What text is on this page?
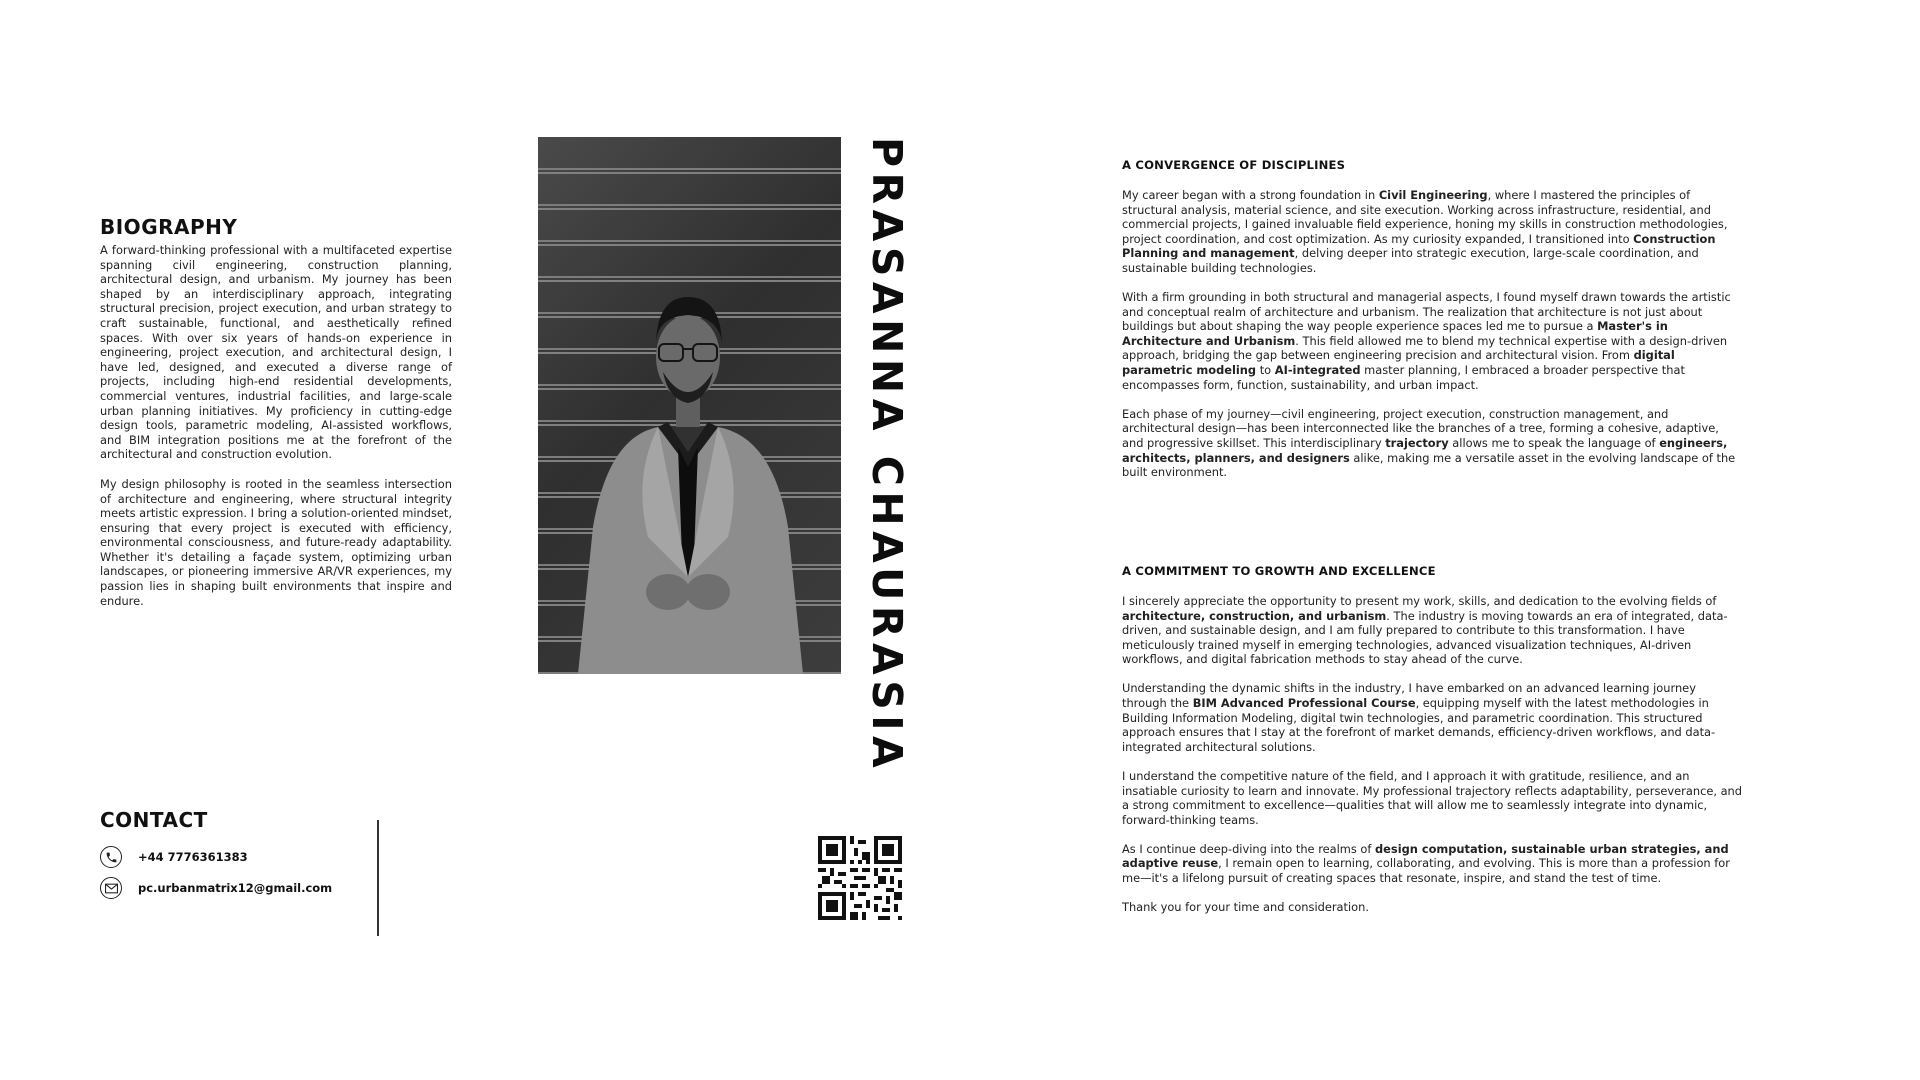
BIOGRAPHY

A forward-thinking professional with a multifaceted expertise spanning civil engineering, construction planning, architectural design, and urbanism. My journey has been shaped by an interdisciplinary approach, integrating structural precision, project execution, and urban strategy to craft sustainable, functional, and aesthetically refined spaces. With over six years of hands-on experience in engineering, project execution, and architectural design, I have led, designed, and executed a diverse range of projects, including high-end residential developments, commercial ventures, industrial facilities, and large-scale urban planning initiatives. My proficiency in cutting-edge design tools, parametric modeling, AI-assisted workflows, and BIM integration positions me at the forefront of the architectural and construction evolution.

My design philosophy is rooted in the seamless intersection of architecture and engineering, where structural integrity meets artistic expression. I bring a solution-oriented mindset, ensuring that every project is executed with efficiency, environmental consciousness, and future-ready adaptability. Whether it's detailing a façade system, optimizing urban landscapes, or pioneering immersive AR/VR experiences, my passion lies in shaping built environments that inspire and endure.	PRASANNA CHAURASIA
CONTACT
+44 7776361383
pc.urbanmatrix12@gmail.com
A CONVERGENCE OF DISCIPLINES

My career began with a strong foundation in Civil Engineering, where I mastered the principles of structural analysis, material science, and site execution. Working across infrastructure, residential, and commercial projects, I gained invaluable field experience, honing my skills in construction methodologies, project coordination, and cost optimization. As my curiosity expanded, I transitioned into Construction Planning and management, delving deeper into strategic execution, large-scale coordination, and sustainable building technologies.

With a firm grounding in both structural and managerial aspects, I found myself drawn towards the artistic and conceptual realm of architecture and urbanism. The realization that architecture is not just about buildings but about shaping the way people experience spaces led me to pursue a Master's in Architecture and Urbanism. This field allowed me to blend my technical expertise with a design-driven approach, bridging the gap between engineering precision and architectural vision. From digital parametric modeling to AI-integrated master planning, I embraced a broader perspective that encompasses form, function, sustainability, and urban impact.

Each phase of my journey—civil engineering, project execution, construction management, and architectural design—has been interconnected like the branches of a tree, forming a cohesive, adaptive, and progressive skillset. This interdisciplinary trajectory allows me to speak the language of engineers, architects, planners, and designers alike, making me a versatile asset in the evolving landscape of the built environment.

A COMMITMENT TO GROWTH AND EXCELLENCE

I sincerely appreciate the opportunity to present my work, skills, and dedication to the evolving fields of architecture, construction, and urbanism. The industry is moving towards an era of integrated, data-driven, and sustainable design, and I am fully prepared to contribute to this transformation. I have meticulously trained myself in emerging technologies, advanced visualization techniques, AI-driven workflows, and digital fabrication methods to stay ahead of the curve.

Understanding the dynamic shifts in the industry, I have embarked on an advanced learning journey through the BIM Advanced Professional Course, equipping myself with the latest methodologies in Building Information Modeling, digital twin technologies, and parametric coordination. This structured approach ensures that I stay at the forefront of market demands, efficiency-driven workflows, and data-integrated architectural solutions.

I understand the competitive nature of the field, and I approach it with gratitude, resilience, and an insatiable curiosity to learn and innovate. My professional trajectory reflects adaptability, perseverance, and a strong commitment to excellence—qualities that will allow me to seamlessly integrate into dynamic, forward-thinking teams.

As I continue deep-diving into the realms of design computation, sustainable urban strategies, and adaptive reuse, I remain open to learning, collaborating, and evolving. This is more than a profession for me—it's a lifelong pursuit of creating spaces that resonate, inspire, and stand the test of time.

Thank you for your time and consideration.
